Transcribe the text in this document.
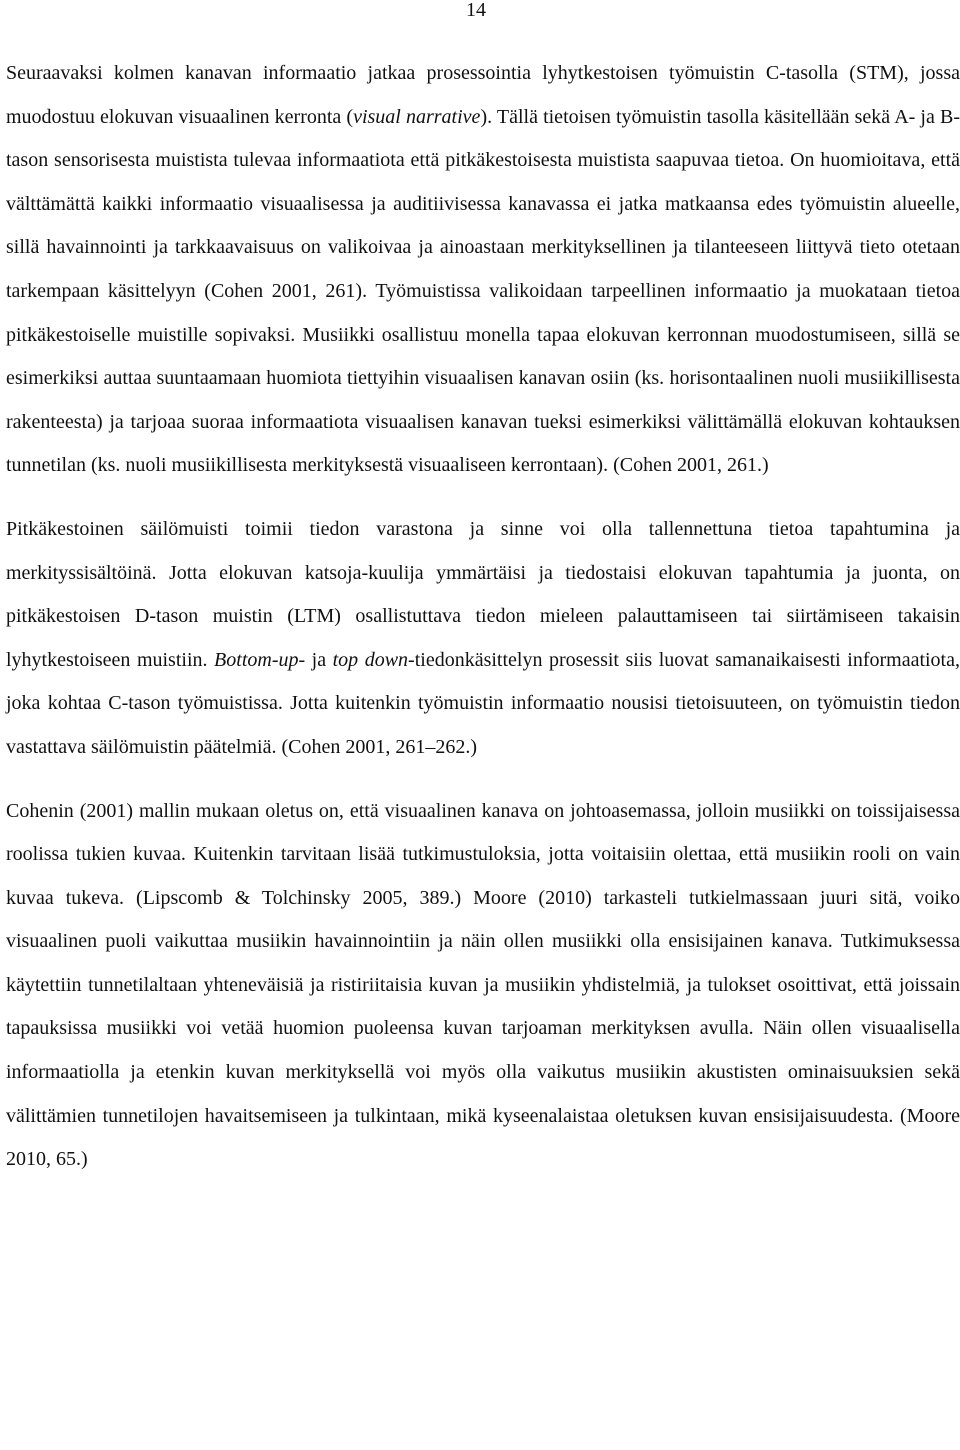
14

Seuraavaksi kolmen kanavan informaatio jatkaa prosessointia lyhytkestoisen työmuistin C-tasolla (STM), jossa muodostuu elokuvan visuaalinen kerronta (visual narrative). Tällä tietoisen työmuistin tasolla käsitellään sekä A- ja B-tason sensorisesta muistista tulevaa informaatiota että pitkäkestoisesta muistista saapuvaa tietoa. On huomioitava, että välttämättä kaikki informaatio visuaalisessa ja auditiivisessa kanavassa ei jatka matkaansa edes työmuistin alueelle, sillä havainnointi ja tarkkaavaisuus on valikoivaa ja ainoastaan merkityksellinen ja tilanteeseen liittyvä tieto otetaan tarkempaan käsittelyyn (Cohen 2001, 261). Työmuistissa valikoidaan tarpeellinen informaatio ja muokataan tietoa pitkäkestoiselle muistille sopivaksi. Musiikki osallistuu monella tapaa elokuvan kerronnan muodostumiseen, sillä se esimerkiksi auttaa suuntaamaan huomiota tiettyihin visuaalisen kanavan osiin (ks. horisontaalinen nuoli musiikillisesta rakenteesta) ja tarjoaa suoraa informaatiota visuaalisen kanavan tueksi esimerkiksi välittämällä elokuvan kohtauksen tunnetilan (ks. nuoli musiikillisesta merkityksestä visuaaliseen kerrontaan). (Cohen 2001, 261.)

Pitkäkestoinen säilömuisti toimii tiedon varastona ja sinne voi olla tallennettuna tietoa tapahtumina ja merkityssisältöinä. Jotta elokuvan katsoja-kuulija ymmärtäisi ja tiedostaisi elokuvan tapahtumia ja juonta, on pitkäkestoisen D-tason muistin (LTM) osallistuttava tiedon mieleen palauttamiseen tai siirtämiseen takaisin lyhytkestoiseen muistiin. Bottom-up- ja top down-tiedonkäsittelyn prosessit siis luovat samanaikaisesti informaatiota, joka kohtaa C-tason työmuistissa. Jotta kuitenkin työmuistin informaatio nousisi tietoisuuteen, on työmuistin tiedon vastattava säilömuistin päätelmiä. (Cohen 2001, 261–262.)

Cohenin (2001) mallin mukaan oletus on, että visuaalinen kanava on johtoasemassa, jolloin musiikki on toissijaisessa roolissa tukien kuvaa. Kuitenkin tarvitaan lisää tutkimustuloksia, jotta voitaisiin olettaa, että musiikin rooli on vain kuvaa tukeva. (Lipscomb & Tolchinsky 2005, 389.) Moore (2010) tarkasteli tutkielmassaan juuri sitä, voiko visuaalinen puoli vaikuttaa musiikin havainnointiin ja näin ollen musiikki olla ensisijainen kanava. Tutkimuksessa käytettiin tunnetilaltaan yhteneväisiä ja ristiriitaisia kuvan ja musiikin yhdistelmiä, ja tulokset osoittivat, että joissain tapauksissa musiikki voi vetää huomion puoleensa kuvan tarjoaman merkityksen avulla. Näin ollen visuaalisella informaatiolla ja etenkin kuvan merkityksellä voi myös olla vaikutus musiikin akustisten ominaisuuksien sekä välittämien tunnetilojen havaitsemiseen ja tulkintaan, mikä kyseenalaistaa oletuksen kuvan ensisijaisuudesta. (Moore 2010, 65.)
